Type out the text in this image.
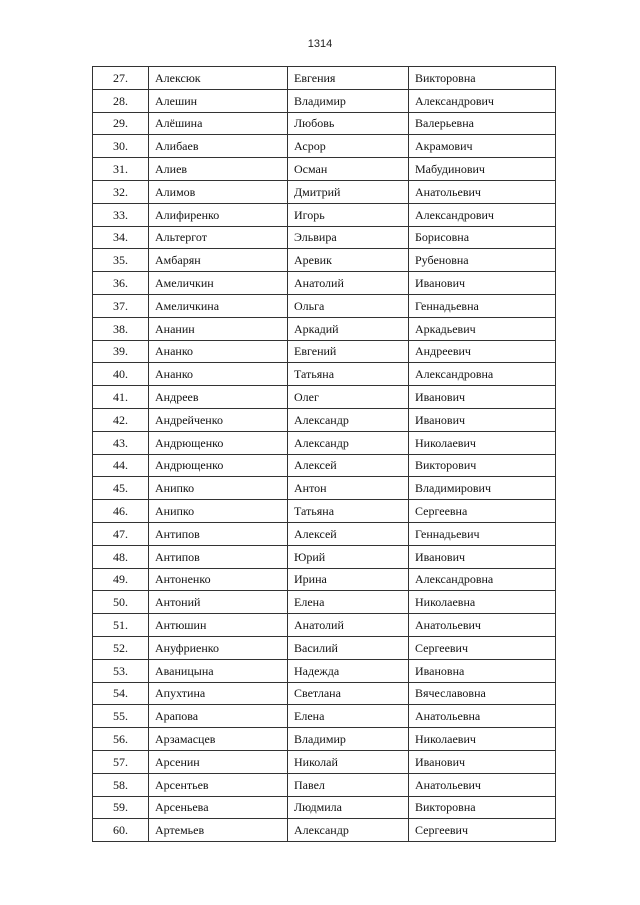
1314
27.	Алексюк	Евгения	Викторовна
28.	Алешин	Владимир	Александрович
29.	Алёшина	Любовь	Валерьевна
30.	Алибаев	Асрор	Акрамович
31.	Алиев	Осман	Мабудинович
32.	Алимов	Дмитрий	Анатольевич
33.	Алифиренко	Игорь	Александрович
34.	Альтергот	Эльвира	Борисовна
35.	Амбарян	Аревик	Рубеновна
36.	Амеличкин	Анатолий	Иванович
37.	Амеличкина	Ольга	Геннадьевна
38.	Ананин	Аркадий	Аркадьевич
39.	Ананко	Евгений	Андреевич
40.	Ананко	Татьяна	Александровна
41.	Андреев	Олег	Иванович
42.	Андрейченко	Александр	Иванович
43.	Андрющенко	Александр	Николаевич
44.	Андрющенко	Алексей	Викторович
45.	Анипко	Антон	Владимирович
46.	Анипко	Татьяна	Сергеевна
47.	Антипов	Алексей	Геннадьевич
48.	Антипов	Юрий	Иванович
49.	Антоненко	Ирина	Александровна
50.	Антоний	Елена	Николаевна
51.	Антюшин	Анатолий	Анатольевич
52.	Ануфриенко	Василий	Сергеевич
53.	Аваницына	Надежда	Ивановна
54.	Апухтина	Светлана	Вячеславовна
55.	Арапова	Елена	Анатольевна
56.	Арзамасцев	Владимир	Николаевич
57.	Арсенин	Николай	Иванович
58.	Арсентьев	Павел	Анатольевич
59.	Арсеньева	Людмила	Викторовна
60.	Артемьев	Александр	Сергеевич
